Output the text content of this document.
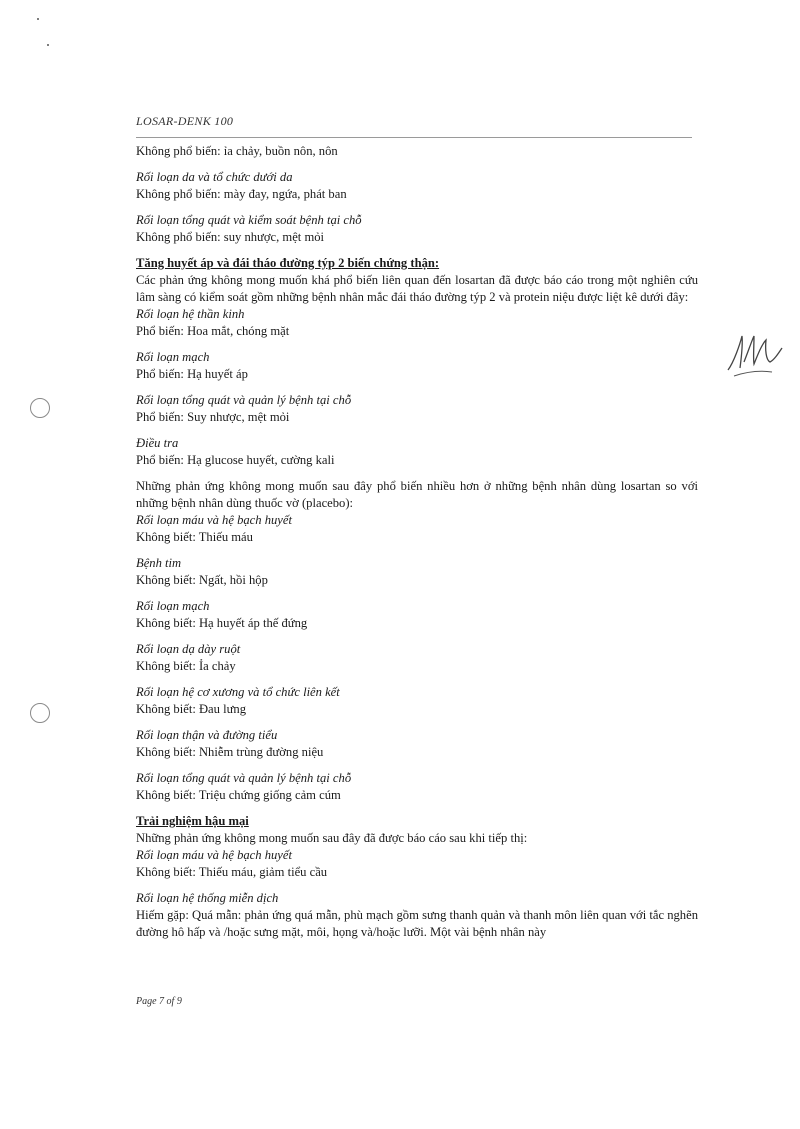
LOSAR-DENK 100

Không phổ biến: ỉa chảy, buồn nôn, nôn

Rối loạn da và tổ chức dưới da

Không phổ biến: mày đay, ngứa, phát ban

Rối loạn tổng quát và kiểm soát bệnh tại chỗ

Không phổ biến: suy nhược, mệt mỏi

Tăng huyết áp và đái tháo đường týp 2 biến chứng thận:

Các phản ứng không mong muốn khá phổ biến liên quan đến losartan đã được báo cáo trong một nghiên cứu lâm sàng có kiểm soát gồm những bệnh nhân mắc đái tháo đường týp 2 và protein niệu được liệt kê dưới đây:

Rối loạn hệ thần kinh

Phổ biến: Hoa mắt, chóng mặt

Rối loạn mạch

Phổ biến: Hạ huyết áp

Rối loạn tổng quát và quản lý bệnh tại chỗ

Phổ biến: Suy nhược, mệt mỏi

Điều tra

Phổ biến: Hạ glucose huyết, cường kali

Những phản ứng không mong muốn sau đây phổ biến nhiều hơn ở những bệnh nhân dùng losartan so với những bệnh nhân dùng thuốc vờ (placebo):

Rối loạn máu và hệ bạch huyết

Không biết: Thiếu máu

Bệnh tim

Không biết: Ngất, hồi hộp

Rối loạn mạch

Không biết: Hạ huyết áp thế đứng

Rối loạn dạ dày ruột

Không biết: Ỉa chảy

Rối loạn hệ cơ xương và tổ chức liên kết

Không biết: Đau lưng

Rối loạn thận và đường tiểu

Không biết: Nhiễm trùng đường niệu

Rối loạn tổng quát và quản lý bệnh tại chỗ

Không biết: Triệu chứng giống cảm cúm

Trải nghiệm hậu mại

Những phản ứng không mong muốn sau đây đã được báo cáo sau khi tiếp thị:

Rối loạn máu và hệ bạch huyết

Không biết: Thiếu máu, giảm tiểu cầu

Rối loạn hệ thống miễn dịch

Hiếm gặp: Quá mẫn: phản ứng quá mẫn, phù mạch gồm sưng thanh quản và thanh môn liên quan với tắc nghẽn đường hô hấp và /hoặc sưng mặt, môi, họng và/hoặc lưỡi. Một vài bệnh nhân này

Page 7 of 9
